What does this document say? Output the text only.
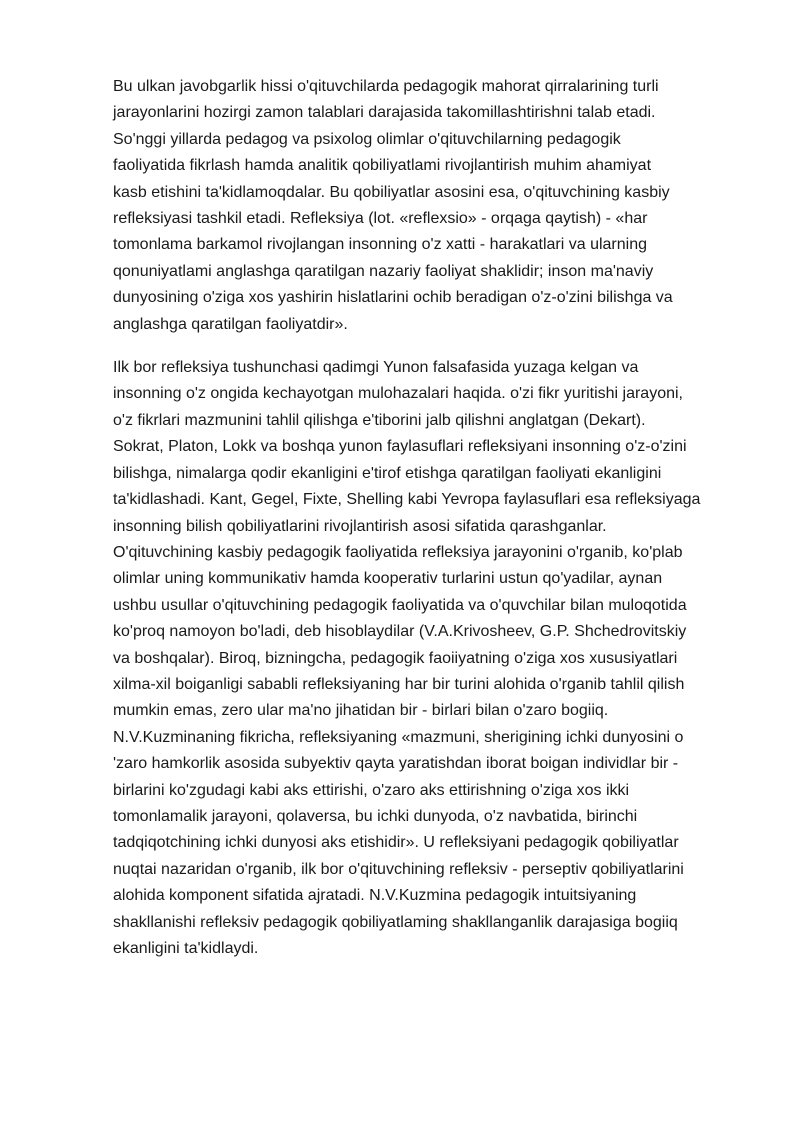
Bu ulkan javobgarlik hissi o'qituvchilarda pedagogik mahorat qirralarining turli
jarayonlarini hozirgi zamon talablari darajasida takomillashtirishni talab etadi.
So'nggi yillarda pedagog va psixolog olimlar o'qituvchilarning pedagogik
faoliyatida fikrlash hamda analitik qobiliyatlami rivojlantirish muhim ahamiyat
kasb etishini ta'kidlamoqdalar. Bu qobiliyatlar asosini esa, o'qituvchining kasbiy
refleksiyasi tashkil etadi. Refleksiya (lot. «reflexsio» - orqaga qaytish) - «har
tomonlama barkamol rivojlangan insonning o'z xatti - harakatlari va ularning
qonuniyatlami anglashga qaratilgan nazariy faoliyat shaklidir; inson ma'naviy
dunyosining o'ziga xos yashirin hislatlarini ochib beradigan o'z-o'zini bilishga va
anglashga qaratilgan faoliyatdir».

Ilk bor refleksiya tushunchasi qadimgi Yunon falsafasida yuzaga kelgan va
insonning o'z ongida kechayotgan mulohazalari haqida. o'zi fikr yuritishi jarayoni,
o'z fikrlari mazmunini tahlil qilishga e'tiborini jalb qilishni anglatgan (Dekart).
Sokrat, Platon, Lokk va boshqa yunon faylasuflari refleksiyani insonning o'z-o'zini
bilishga, nimalarga qodir ekanligini e'tirof etishga qaratilgan faoliyati ekanligini
ta'kidlashadi. Kant, Gegel, Fixte, Shelling kabi Yevropa faylasuflari esa refleksiyaga
insonning bilish qobiliyatlarini rivojlantirish asosi sifatida qarashganlar.
O'qituvchining kasbiy pedagogik faoliyatida refleksiya jarayonini o'rganib, ko'plab
olimlar uning kommunikativ hamda kooperativ turlarini ustun qo'yadilar, aynan
ushbu usullar o'qituvchining pedagogik faoliyatida va o'quvchilar bilan muloqotida
ko'proq namoyon bo'ladi, deb hisoblaydilar (V.A.Krivosheev, G.P. Shchedrovitskiy
va boshqalar). Biroq, bizningcha, pedagogik faoiiyatning o'ziga xos xususiyatlari
xilma-xil boiganligi sababli refleksiyaning har bir turini alohida o'rganib tahlil qilish
mumkin emas, zero ular ma'no jihatidan bir - birlari bilan o'zaro bogiiq.
N.V.Kuzminaning fikricha, refleksiyaning «mazmuni, sherigining ichki dunyosini o
'zaro hamkorlik asosida subyektiv qayta yaratishdan iborat boigan individlar bir -
birlarini ko'zgudagi kabi aks ettirishi, o'zaro aks ettirishning o'ziga xos ikki
tomonlamalik jarayoni, qolaversa, bu ichki dunyoda, o'z navbatida, birinchi
tadqiqotchining ichki dunyosi aks etishidir». U refleksiyani pedagogik qobiliyatlar
nuqtai nazaridan o'rganib, ilk bor o'qituvchining refleksiv - perseptiv qobiliyatlarini
alohida komponent sifatida ajratadi. N.V.Kuzmina pedagogik intuitsiyaning
shakllanishi refleksiv pedagogik qobiliyatlaming shakllanganlik darajasiga bogiiq
ekanligini ta'kidlaydi.
